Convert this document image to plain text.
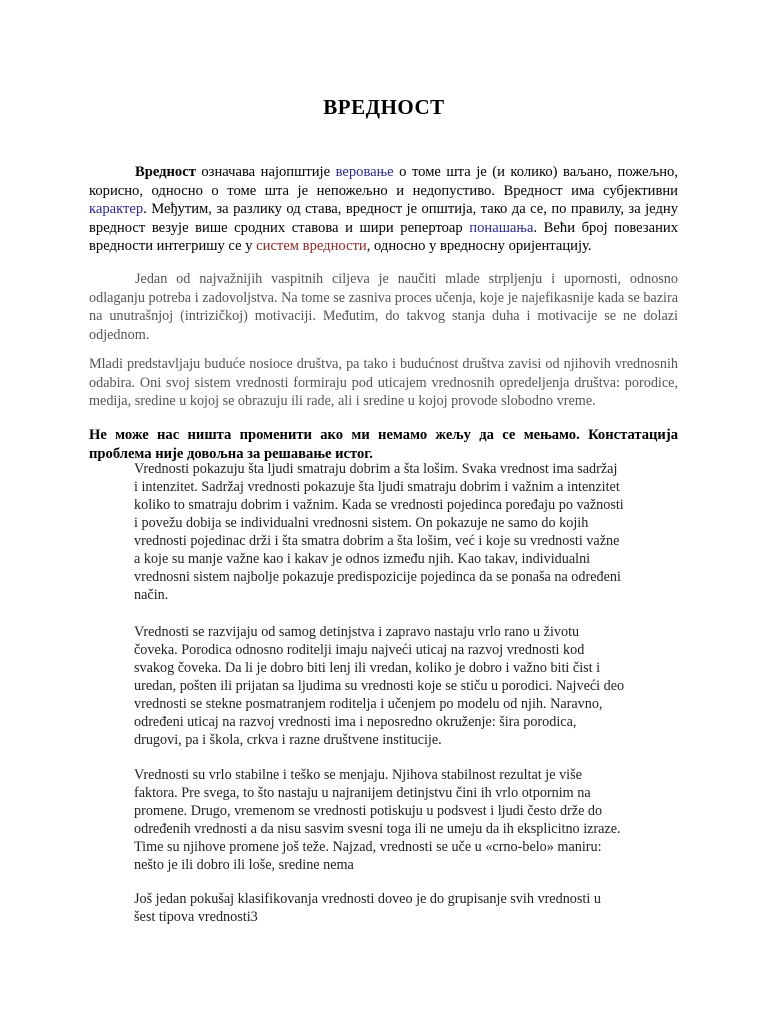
ВРЕДНОСТ
Вредност означава најопштије веровање о томе шта је (и колико) ваљано, пожељно, корисно, односно о томе шта је непожељно и недопустиво. Вредност има субјективни карактер. Међутим, за разлику од става, вредност је општија, тако да се, по правилу, за једну вредност везује више сродних ставова и шири репертоар понашања. Већи број повезаних вредности интегришу се у систем вредности, односно у вредносну оријентацију.
Jedan od najvažnijih vaspitnih ciljeva je naučiti mlade strpljenju i upornosti, odnosno odlaganju potreba i zadovoljstva. Na tome se zasniva proces učenja, koje je najefikasnije kada se bazira na unutrašnjoj (intrizičkoj) motivaciji. Međutim, do takvog stanja duha i motivacije se ne dolazi odjednom.
Mladi predstavljaju buduće nosioce društva, pa tako i budućnost društva zavisi od njihovih vrednosnih odabira. Oni svoj sistem vrednosti formiraju pod uticajem vrednosnih opredeljenja društva: porodice, medija, sredine u kojoj se obrazuju ili rade, ali i sredine u kojoj provode slobodno vreme.
Не може нас ништа променити ако ми немамо жељу да се мењамо. Констатација проблема није довољна за решавање истог.
Vrednosti pokazuju šta ljudi smatraju dobrim a šta lošim. Svaka vrednost ima sadržaj
i intenzitet. Sadržaj vrednosti pokazuje šta ljudi smatraju dobrim i važnim a intenzitet
koliko to smatraju dobrim i važnim. Kada se vrednosti pojedinca poređaju po važnosti
i povežu dobija se individualni vrednosni sistem. On pokazuje ne samo do kojih
vrednosti pojedinac drži i šta smatra dobrim a šta lošim, već i koje su vrednosti važne
a koje su manje važne kao i kakav je odnos između njih. Kao takav, individualni
vrednosni sistem najbolje pokazuje predispozicije pojedinca da se ponaša na određeni
način.
Vrednosti se razvijaju od samog detinjstva i zapravo nastaju vrlo rano u životu
čoveka. Porodica odnosno roditelji imaju najveći uticaj na razvoj vrednosti kod
svakog čoveka. Da li je dobro biti lenj ili vredan, koliko je dobro i važno biti čist i
uredan, pošten ili prijatan sa ljudima su vrednosti koje se stiču u porodici. Najveći deo
vrednosti se stekne posmatranjem roditelja i učenjem po modelu od njih. Naravno,
određeni uticaj na razvoj vrednosti ima i neposredno okruženje: šira porodica,
drugovi, pa i škola, crkva i razne društvene institucije.
Vrednosti su vrlo stabilne i teško se menjaju. Njihova stabilnost rezultat je više
faktora. Pre svega, to što nastaju u najranijem detinjstvu čini ih vrlo otpornim na
promene. Drugo, vremenom se vrednosti potiskuju u podsvest i ljudi često drže do
određenih vrednosti a da nisu sasvim svesni toga ili ne umeju da ih eksplicitno izraze.
Time su njihove promene još teže. Najzad, vrednosti se uče u «crno-belo» maniru:
nešto je ili dobro ili loše, sredine nema
Još jedan pokušaj klasifikovanja vrednosti doveo je do grupisanje svih vrednosti u
šest tipova vrednosti3
